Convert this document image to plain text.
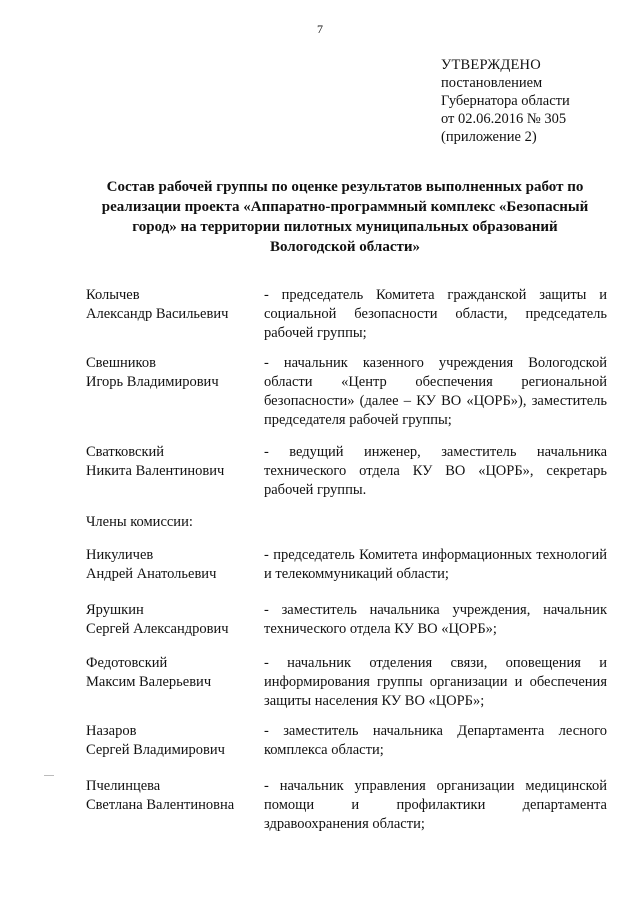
7
УТВЕРЖДЕНО
постановлением
Губернатора области
от 02.06.2016 № 305
(приложение 2)
Состав рабочей группы по оценке результатов выполненных работ по
реализации проекта «Аппаратно-программный комплекс «Безопасный
город» на территории пилотных муниципальных образований
Вологодской области»
Колычев
Александр Васильевич
- председатель Комитета гражданской защиты и социальной безопасности области, председатель рабочей группы;
Свешников
Игорь Владимирович
- начальник казенного учреждения Вологодской области «Центр обеспечения региональной безопасности» (далее – КУ ВО «ЦОРБ»), заместитель председателя рабочей группы;
Сватковский
Никита Валентинович
- ведущий инженер, заместитель начальника технического отдела КУ ВО «ЦОРБ», секретарь рабочей группы.
Члены комиссии:
Никуличев
Андрей Анатольевич
- председатель Комитета информационных технологий и телекоммуникаций области;
Ярушкин
Сергей Александрович
- заместитель начальника учреждения, начальник технического отдела КУ ВО «ЦОРБ»;
Федотовский
Максим Валерьевич
- начальник отделения связи, оповещения и информирования группы организации и обеспечения защиты населения КУ ВО «ЦОРБ»;
Назаров
Сергей Владимирович
- заместитель начальника Департамента лесного комплекса области;
Пчелинцева
Светлана Валентиновна
- начальник управления организации медицинской помощи и профилактики департамента здравоохранения области;
